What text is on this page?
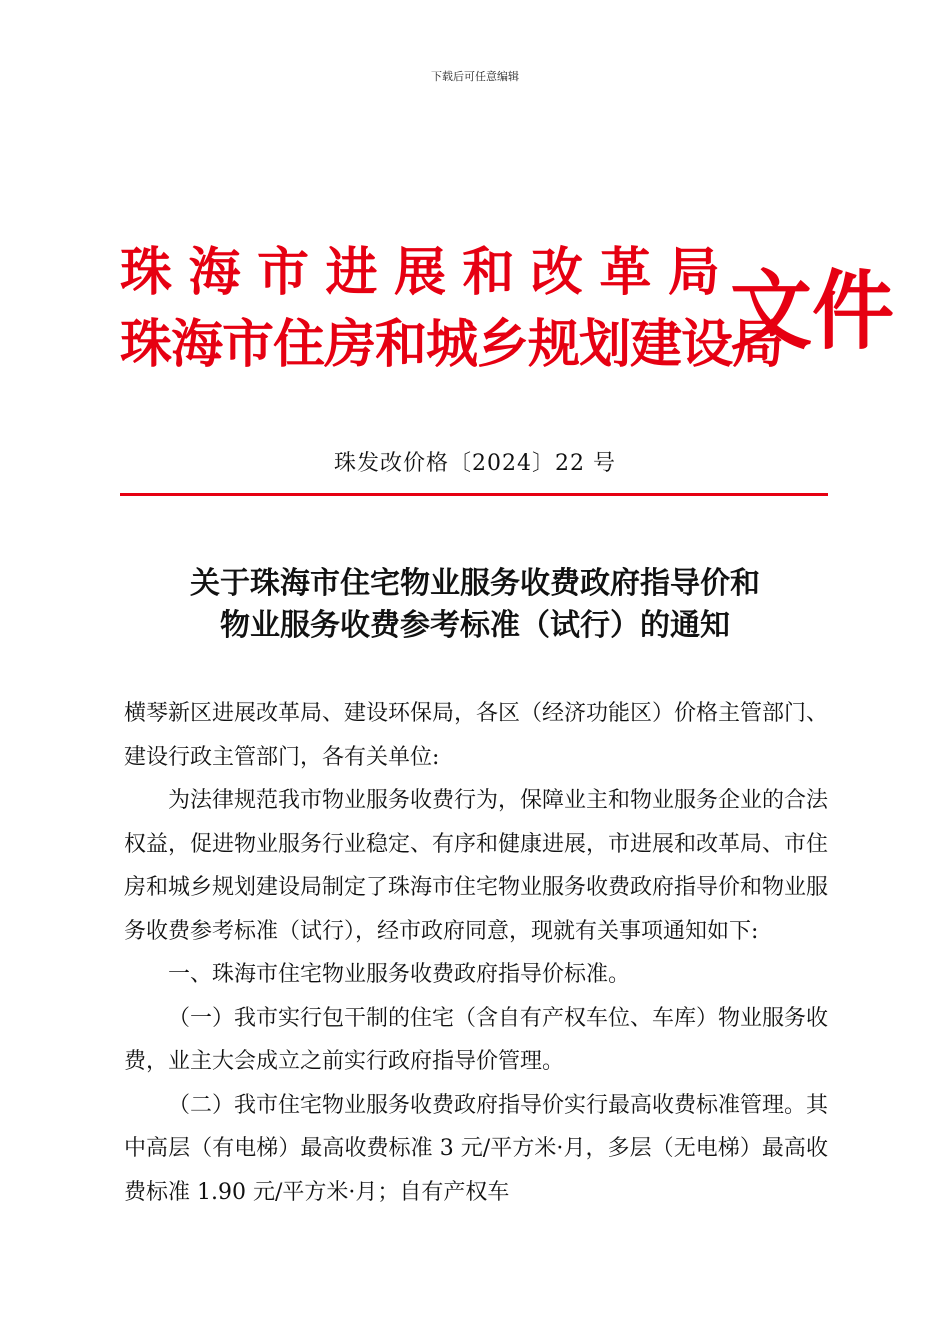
下载后可任意编辑
珠 海 市 进 展 和 改 革 局
珠海市住房和城乡规划建设局
文件
珠发改价格〔2024〕22 号
关于珠海市住宅物业服务收费政府指导价和
物业服务收费参考标准（试行）的通知

横琴新区进展改革局、建设环保局，各区（经济功能区）价格主管部门、建设行政主管部门，各有关单位:

为法律规范我市物业服务收费行为，保障业主和物业服务企业的合法权益，促进物业服务行业稳定、有序和健康进展，市进展和改革局、市住房和城乡规划建设局制定了珠海市住宅物业服务收费政府指导价和物业服务收费参考标准（试行），经市政府同意，现就有关事项通知如下:

一、珠海市住宅物业服务收费政府指导价标准。

（一）我市实行包干制的住宅（含自有产权车位、车库）物业服务收费，业主大会成立之前实行政府指导价管理。

（二）我市住宅物业服务收费政府指导价实行最高收费标准管理。其中高层（有电梯）最高收费标准 3 元/平方米·月，多层（无电梯）最高收费标准 1.90 元/平方米·月；自有产权车
